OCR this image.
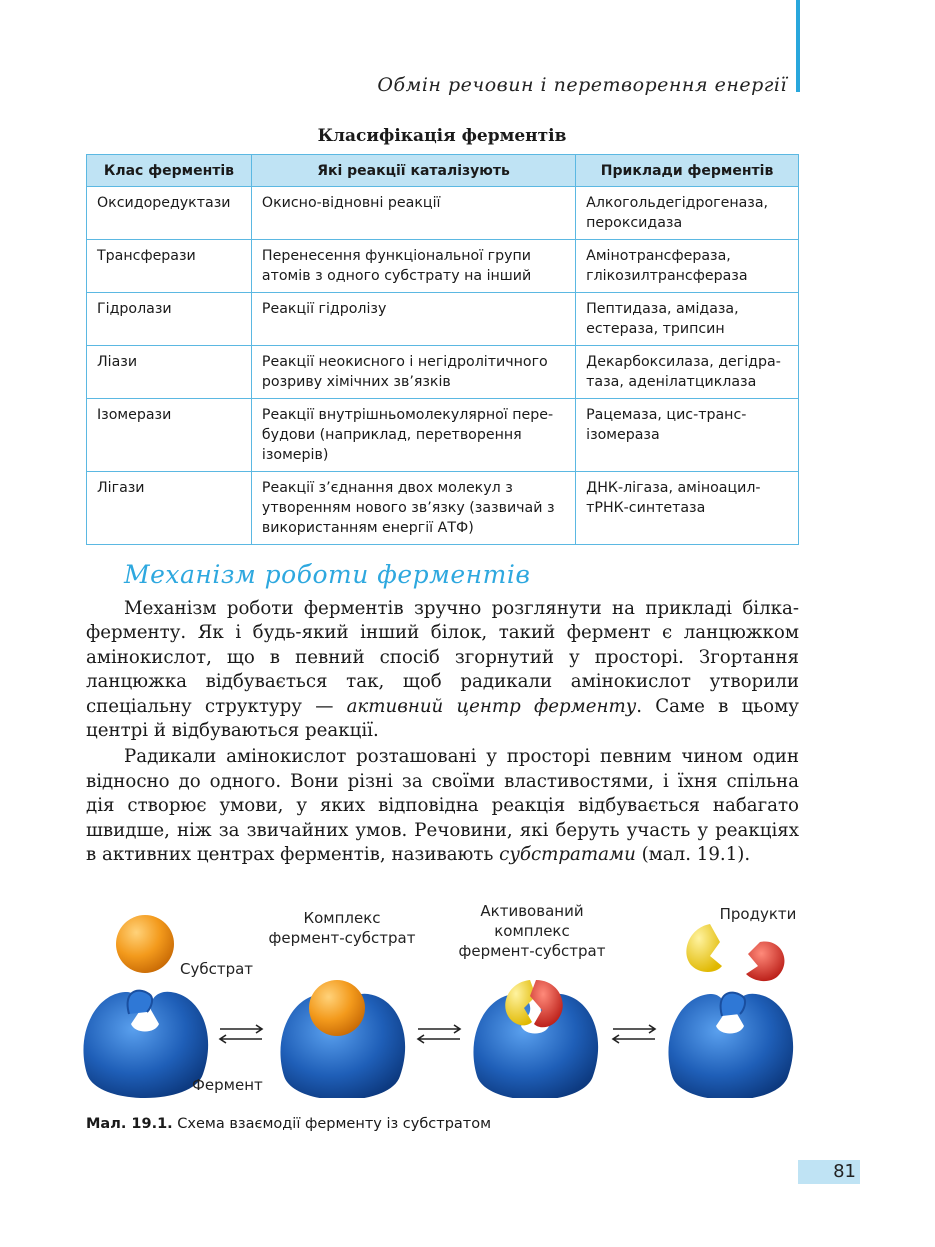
Обмін речовин і перетворення енергії
Класифікація ферментів
Клас ферментів	Які реакції каталізують	Приклади ферментів
Оксидоредуктази	Окисно-відновні реакції	Алкогольдегідрогеназа, пероксидаза
Трансферази	Перенесення функціональної групи атомів з одного субстрату на інший	Амінотрансфераза, глікозилтрансфераза
Гідролази	Реакції гідролізу	Пептидаза, амідаза, естераза, трипсин
Ліази	Реакції неокисного і негідролітичного розриву хімічних зв’язків	Декарбоксилаза, дегідра-таза, аденілатциклаза
Ізомерази	Реакції внутрішньомолекулярної пере-будови (наприклад, перетворення ізомерів)	Рацемаза, цис-транс-ізомераза
Лігази	Реакції з’єднання двох молекул з утворенням нового зв’язку (зазвичай з використанням енергії АТФ)	ДНК-лігаза, аміноацил-тРНК-синтетаза
Механізм роботи ферментів

Механізм роботи ферментів зручно розглянути на прикладі білка-ферменту. Як і будь-який інший білок, такий фермент є ланцюжком амінокислот, що в певний спосіб згорнутий у просторі. Згортання ланцюжка відбувається так, щоб радикали амінокислот утворили спеціальну структуру — активний центр ферменту. Саме в цьому центрі й відбуваються реакції.

Радикали амінокислот розташовані у просторі певним чином один відносно до одного. Вони різні за своїми властивостями, і їхня спільна дія створює умови, у яких відповідна реакція відбувається набагато швидше, ніж за звичайних умов. Речовини, які беруть участь у реакціях в активних центрах ферментів, називають субстратами (мал. 19.1).

Субстрат
Фермент
Комплекс
фермент-субстрат
Активований
комплекс
фермент-субстрат
Продукти
Мал. 19.1. Схема взаємодії ферменту із субстратом
81
